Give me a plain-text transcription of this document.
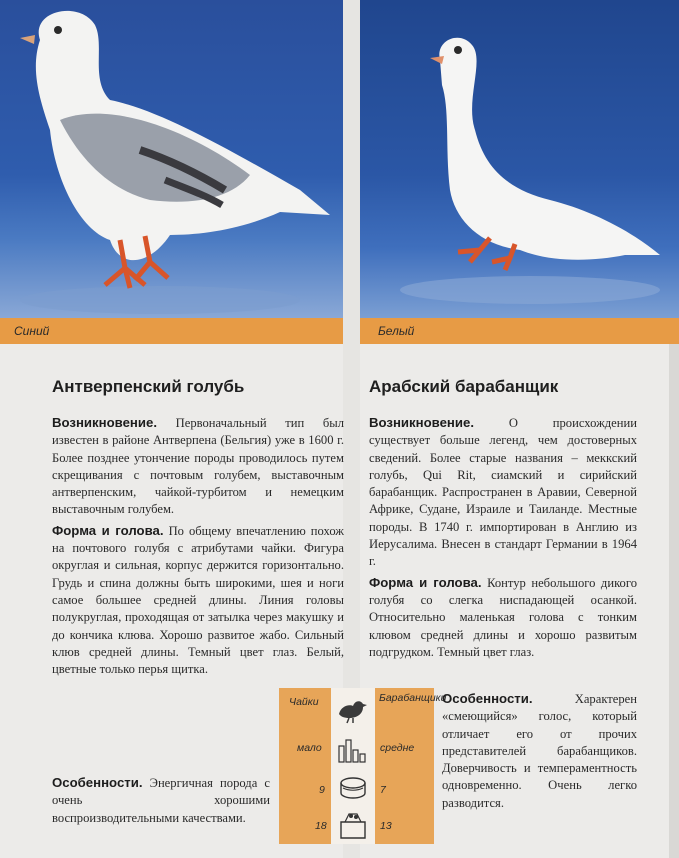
Синий	Белый
Антверпенский голубь

Возникновение. Первоначальный тип был известен в районе Антверпена (Бельгия) уже в 1600 г. Более позднее утончение породы проводилось путем скрещивания с почтовым голубем, выставочным антверпенским, чайкой-турбитом и немецким выставочным голубем.

Форма и голова. По общему впечатлению похож на почтового голубя с атрибутами чайки. Фигура округлая и сильная, корпус держится горизонтально. Грудь и спина должны быть широкими, шея и ноги самое большее средней длины. Линия головы полукруглая, проходящая от затылка через макушку и до кончика клюва. Хорошо развитое жабо. Сильный клюв средней длины. Темный цвет глаз. Белый, цветные только перья щитка.

Особенности. Энергичная порода с очень хорошими воспроизводительными качествами.

Арабский барабанщик

Возникновение.	О происхождении существует больше легенд, чем достоверных сведений. Более старые названия – меккский голубь, Qui Rit, сиамский и сирийский барабанщик. Распространен в Аравии, Северной Африке, Судане, Израиле и Таиланде. Местные породы. В 1740 г. импортирован в Англию из Иерусалима. Внесен в стандарт Германии в 1964 г.

Форма и голова. Контур небольшого дикого голубя со слегка ниспадающей осанкой. Относительно маленькая голова с тонким клювом средней длины и хорошо развитым подгрудком. Темный цвет глаз.

Особенности.	Характерен «смеющийся» голос, который отличает его от прочих представителей барабанщиков. Доверчивость и темпераментность одновременно. Очень легко разводится.

Чайки	Барабанщики
мало	средне
9	7
18	13
